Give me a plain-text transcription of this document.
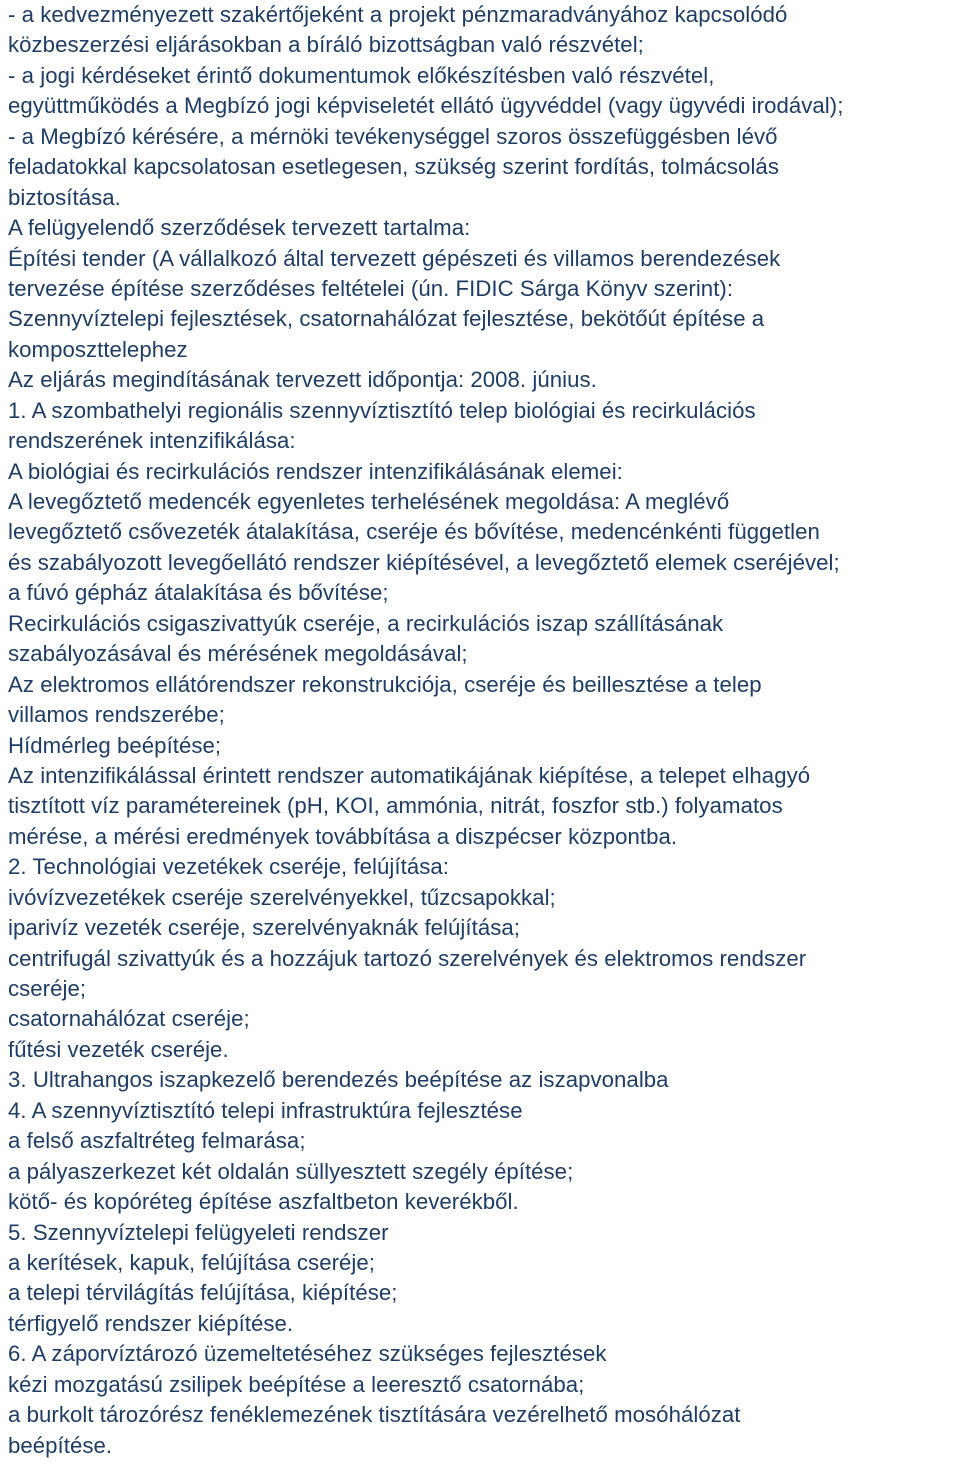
- a kedvezményezett szakértőjeként a projekt pénzmaradványához kapcsolódó
közbeszerzési eljárásokban a bíráló bizottságban való részvétel;
- a jogi kérdéseket érintő dokumentumok előkészítésben való részvétel,
együttműködés a Megbízó jogi képviseletét ellátó ügyvéddel (vagy ügyvédi irodával);
- a Megbízó kérésére, a mérnöki tevékenységgel szoros összefüggésben lévő
feladatokkal kapcsolatosan esetlegesen, szükség szerint fordítás, tolmácsolás
biztosítása.
A felügyelendő szerződések tervezett tartalma:
Építési tender (A vállalkozó által tervezett gépészeti és villamos berendezések
tervezése építése szerződéses feltételei (ún. FIDIC Sárga Könyv szerint):
Szennyvíztelepi fejlesztések, csatornahálózat fejlesztése, bekötőút építése a
komposzttelephez
Az eljárás megindításának tervezett időpontja: 2008. június.
1. A szombathelyi regionális szennyvíztisztító telep biológiai és recirkulációs
rendszerének intenzifikálása:
A biológiai és recirkulációs rendszer intenzifikálásának elemei:
A levegőztető medencék egyenletes terhelésének megoldása: A meglévő
levegőztető csővezeték átalakítása, cseréje és bővítése, medencénkénti független
és szabályozott levegőellátó rendszer kiépítésével, a levegőztető elemek cseréjével;
a fúvó gépház átalakítása és bővítése;
Recirkulációs csigaszivattyúk cseréje, a recirkulációs iszap szállításának
szabályozásával és mérésének megoldásával;
Az elektromos ellátórendszer rekonstrukciója, cseréje és beillesztése a telep
villamos rendszerébe;
Hídmérleg beépítése;
Az intenzifikálással érintett rendszer automatikájának kiépítése, a telepet elhagyó
tisztított víz paramétereinek (pH, KOI, ammónia, nitrát, foszfor stb.) folyamatos
mérése, a mérési eredmények továbbítása a diszpécser központba.
2. Technológiai vezetékek cseréje, felújítása:
ivóvízvezetékek cseréje szerelvényekkel, tűzcsapokkal;
iparivíz vezeték cseréje, szerelvényaknák felújítása;
centrifugál szivattyúk és a hozzájuk tartozó szerelvények és elektromos rendszer
cseréje;
csatornahálózat cseréje;
fűtési vezeték cseréje.
3. Ultrahangos iszapkezelő berendezés beépítése az iszapvonalba
4. A szennyvíztisztító telepi infrastruktúra fejlesztése
a felső aszfaltréteg felmarása;
a pályaszerkezet két oldalán süllyesztett szegély építése;
kötő- és kopóréteg építése aszfaltbeton keverékből.
5. Szennyvíztelepi felügyeleti rendszer
a kerítések, kapuk, felújítása cseréje;
a telepi térvilágítás felújítása, kiépítése;
térfigyelő rendszer kiépítése.
6. A záporvíztározó üzemeltetéséhez szükséges fejlesztések
kézi mozgatású zsilipek beépítése a leeresztő csatornába;
a burkolt tározórész fenéklemezének tisztítására vezérelhető mosóhálózat
beépítése.
